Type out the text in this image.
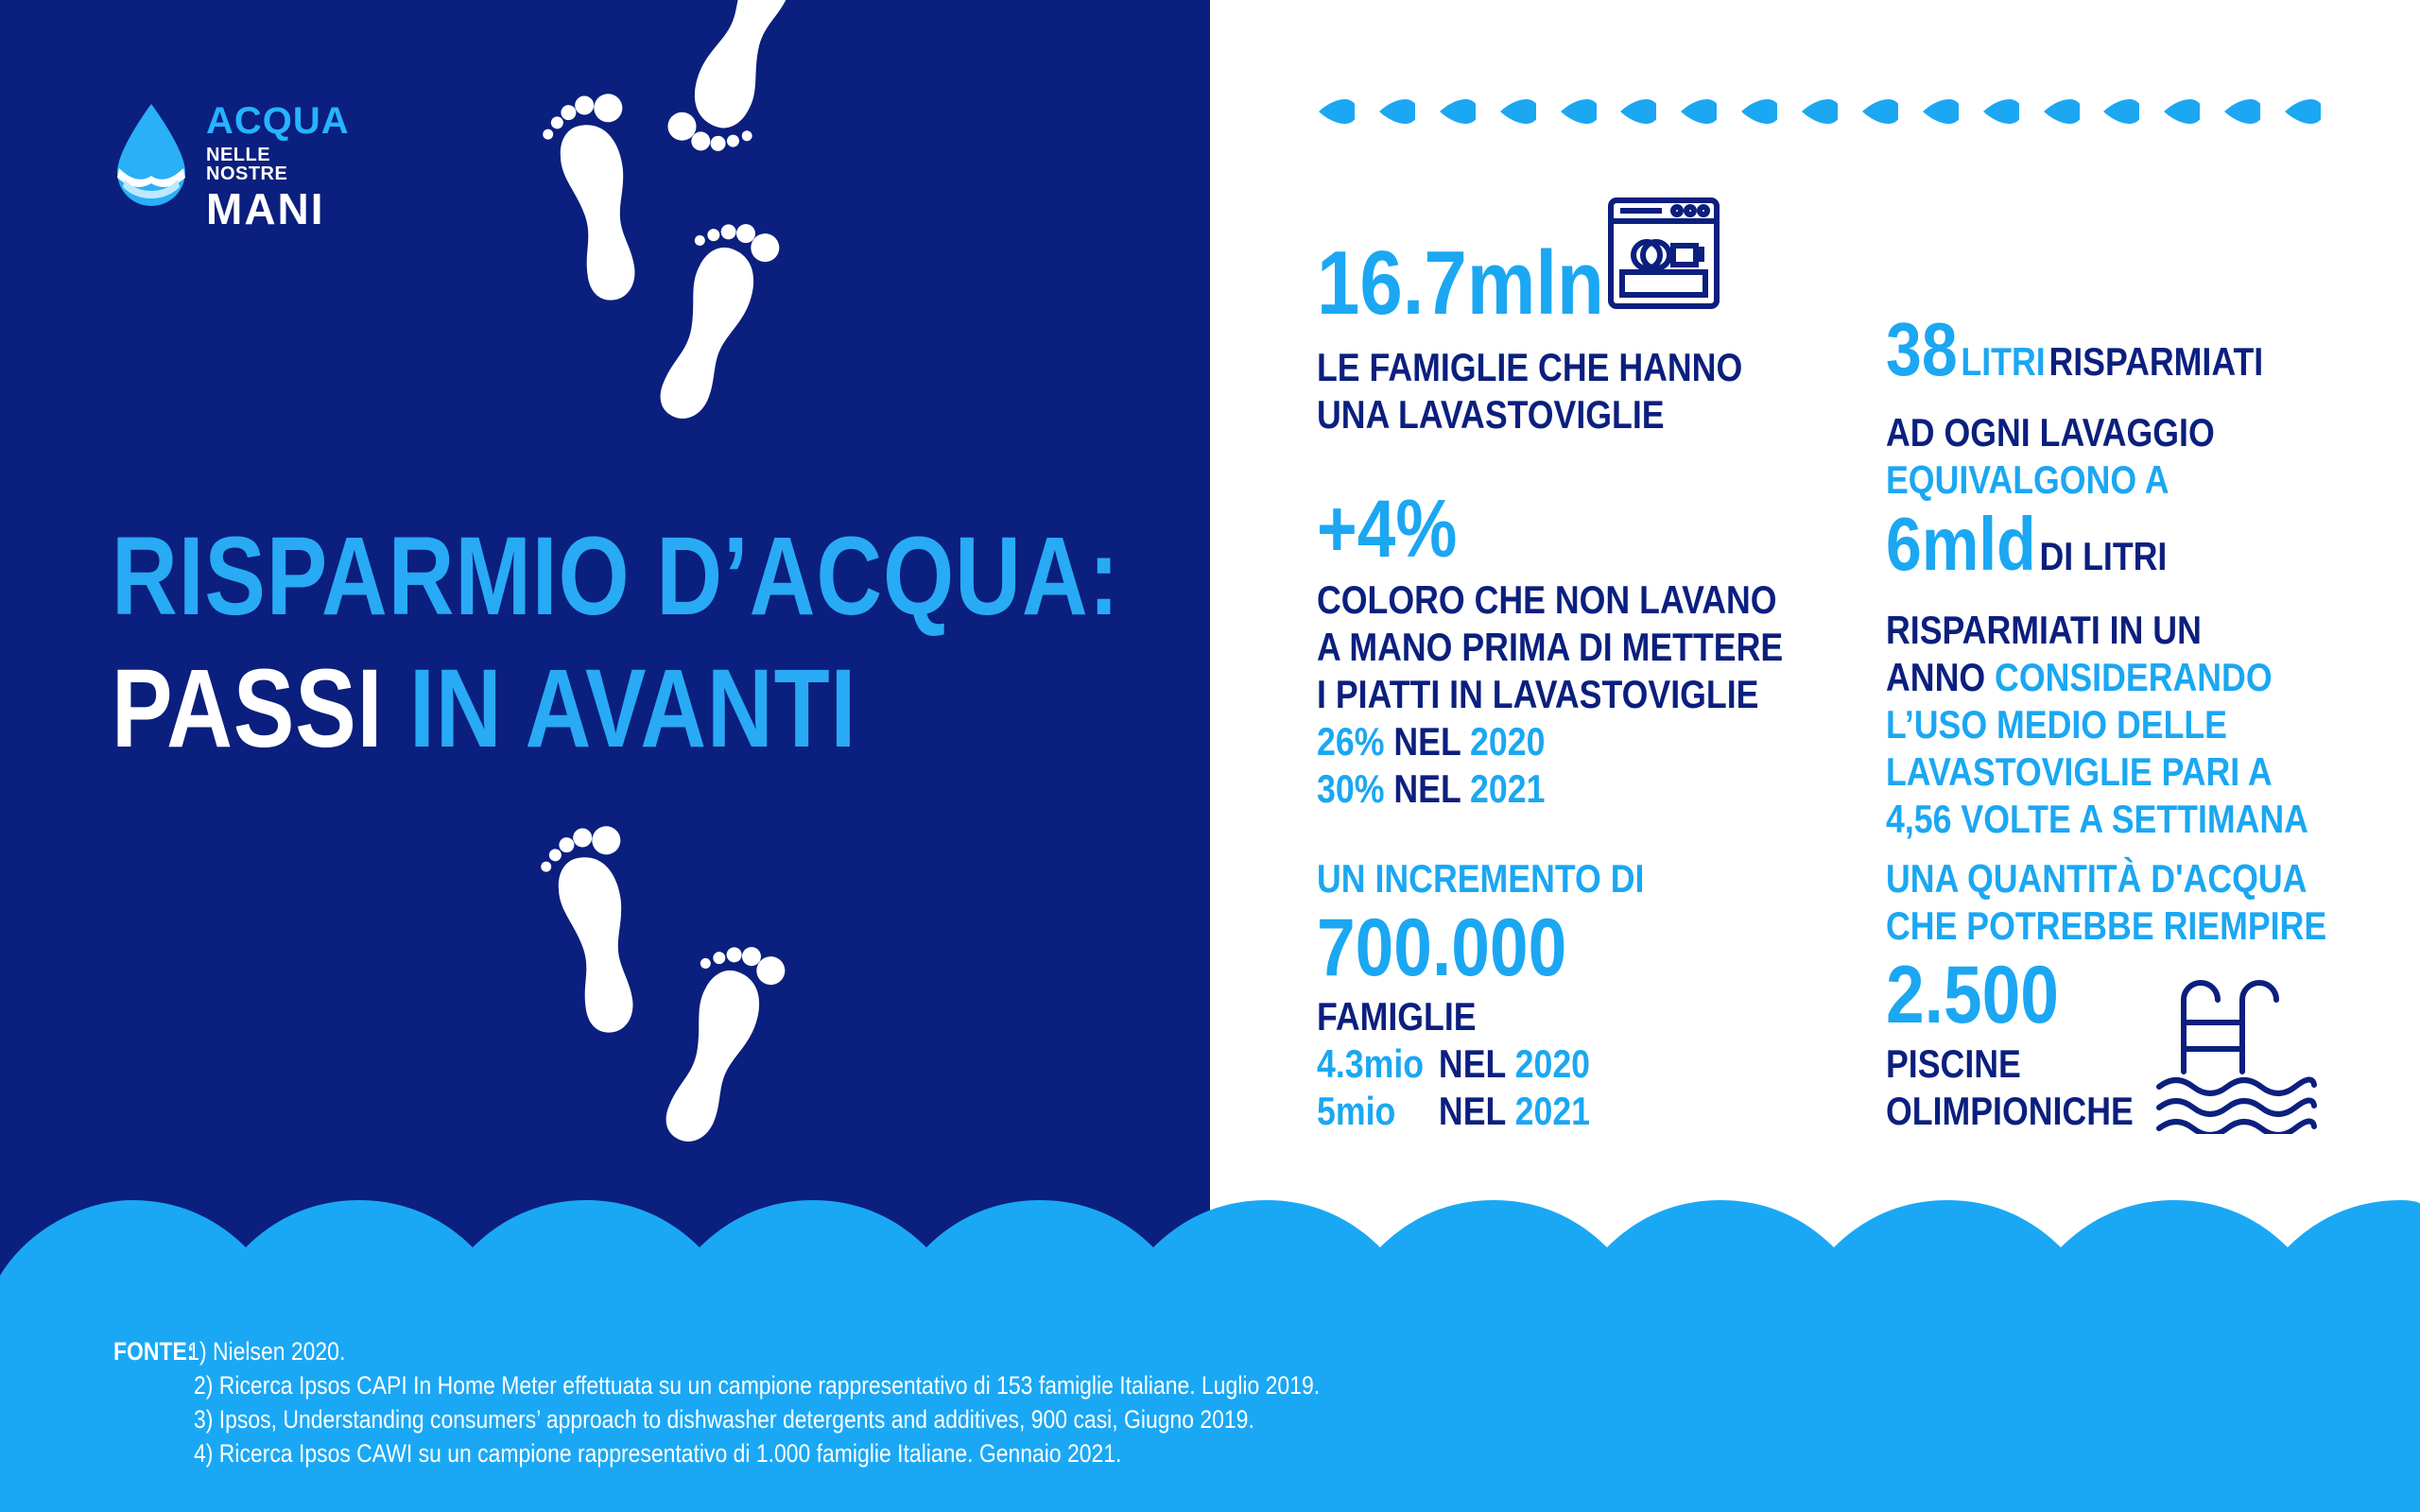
ACQUA
NELLE NOSTRE
MANI
RISPARMIO D’ACQUA:
PASSI IN AVANTI
16.7mln
LE FAMIGLIE CHE HANNO
UNA LAVASTOVIGLIE
+4%
COLORO CHE NON LAVANO
A MANO PRIMA DI METTERE
I PIATTI IN LAVASTOVIGLIE
26% NEL 2020
30% NEL 2021
UN INCREMENTO DI
700.000
FAMIGLIE
4.3mio NEL 2020
5mio NEL 2021
38 LITRI RISPARMIATI
AD OGNI LAVAGGIO
EQUIVALGONO A
6mld DI LITRI
RISPARMIATI IN UN
ANNO CONSIDERANDO
L’USO MEDIO DELLE
LAVASTOVIGLIE PARI A
4,56 VOLTE A SETTIMANA
UNA QUANTITÀ D'ACQUA
CHE POTREBBE RIEMPIRE
2.500
PISCINE
OLIMPIONICHE
FONTE:1) Nielsen 2020.
2) Ricerca Ipsos CAPI In Home Meter effettuata su un campione rappresentativo di 153 famiglie Italiane. Luglio 2019.
3) Ipsos, Understanding consumers’ approach to dishwasher detergents and additives, 900 casi, Giugno 2019.
4) Ricerca Ipsos CAWI su un campione rappresentativo di 1.000 famiglie Italiane. Gennaio 2021.
